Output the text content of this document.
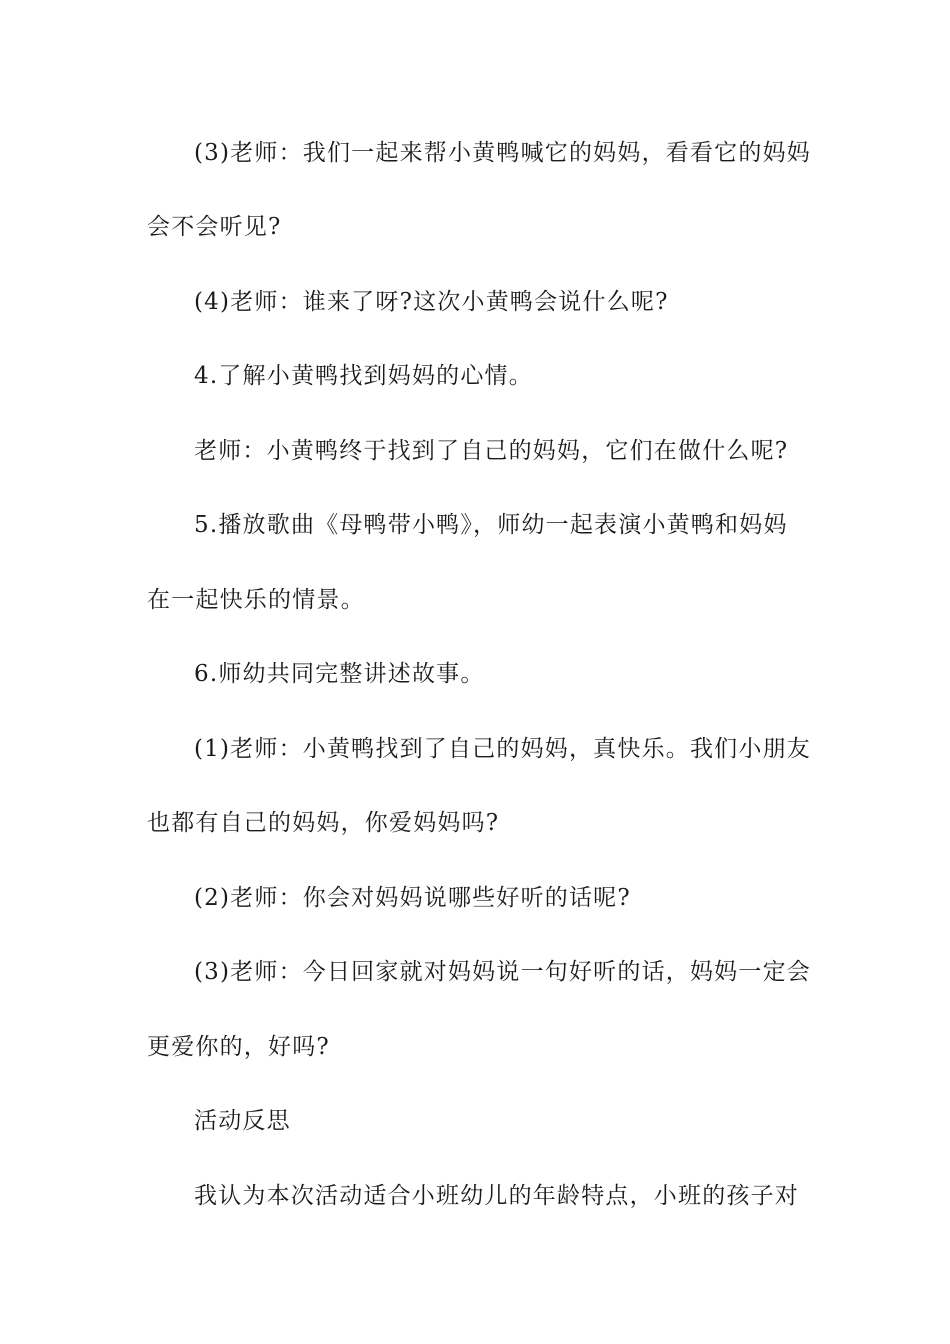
(3)老师：我们一起来帮小黄鸭喊它的妈妈，看看它的妈妈
会不会听见?
(4)老师：谁来了呀?这次小黄鸭会说什么呢?
4.了解小黄鸭找到妈妈的心情。
老师：小黄鸭终于找到了自己的妈妈，它们在做什么呢?
5.播放歌曲《母鸭带小鸭》，师幼一起表演小黄鸭和妈妈
在一起快乐的情景。
6.师幼共同完整讲述故事。
(1)老师：小黄鸭找到了自己的妈妈，真快乐。我们小朋友
也都有自己的妈妈，你爱妈妈吗?
(2)老师：你会对妈妈说哪些好听的话呢?
(3)老师：今日回家就对妈妈说一句好听的话，妈妈一定会
更爱你的，好吗?
活动反思
我认为本次活动适合小班幼儿的年龄特点，小班的孩子对
